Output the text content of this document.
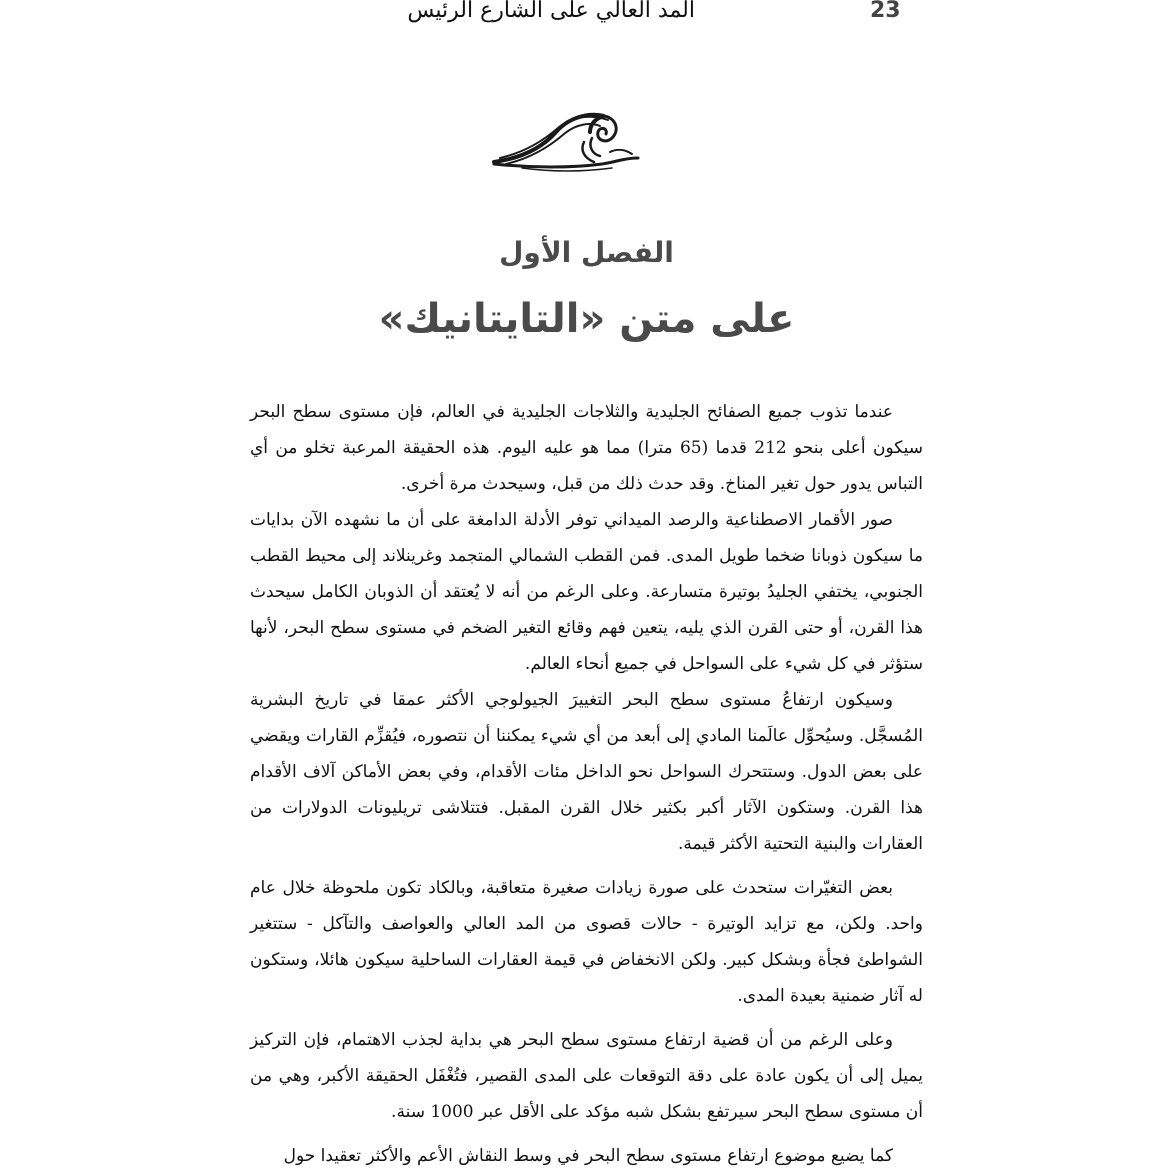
23
المد العالي على الشارع الرئيس
الفصل الأول
على متن «التايتانيك»

عندما تذوب جميع الصفائح الجليدية والثلاجات الجليدية في العالم، فإن مستوى سطح البحر سيكون أعلى بنحو 212 قدما (65 مترا) مما هو عليه اليوم. هذه الحقيقة المرعبة تخلو من أي التباس يدور حول تغير المناخ. وقد حدث ذلك من قبل، وسيحدث مرة أخرى.

صور الأقمار الاصطناعية والرصد الميداني توفر الأدلة الدامغة على أن ما نشهده الآن بدايات ما سيكون ذوبانا ضخما طويل المدى. فمن القطب الشمالي المتجمد وغرينلاند إلى محيط القطب الجنوبي، يختفي الجليدُ بوتيرة متسارعة. وعلى الرغم من أنه لا يُعتقد أن الذوبان الكامل سيحدث هذا القرن، أو حتى القرن الذي يليه، يتعين فهم وقائع التغير الضخم في مستوى سطح البحر، لأنها ستؤثر في كل شيء على السواحل في جميع أنحاء العالم.

وسيكون ارتفاعُ مستوى سطح البحر التغييرَ الجيولوجي الأكثر عمقا في تاريخ البشرية المُسجَّل. وسيُحوِّل عالَمنا المادي إلى أبعد من أي شيء يمكننا أن نتصوره، فيُقزِّم القارات ويقضي على بعض الدول. وستتحرك السواحل نحو الداخل مئات الأقدام، وفي بعض الأماكن آلاف الأقدام هذا القرن. وستكون الآثار أكبر بكثير خلال القرن المقبل. فتتلاشى تريليونات الدولارات من العقارات والبنية التحتية الأكثر قيمة.

بعض التغيّرات ستحدث على صورة زيادات صغيرة متعاقبة، وبالكاد تكون ملحوظة خلال عام واحد. ولكن، مع تزايد الوتيرة - حالات قصوى من المد العالي والعواصف والتآكل - ستتغير الشواطئ فجأة وبشكل كبير. ولكن الانخفاض في قيمة العقارات الساحلية سيكون هائلا، وستكون له آثار ضمنية بعيدة المدى.

وعلى الرغم من أن قضية ارتفاع مستوى سطح البحر هي بداية لجذب الاهتمام، فإن التركيز يميل إلى أن يكون عادة على دقة التوقعات على المدى القصير، فتُغْفَل الحقيقة الأكبر، وهي من أن مستوى سطح البحر سيرتفع بشكل شبه مؤكد على الأقل عبر 1000 سنة.

كما يضيع موضوع ارتفاع مستوى سطح البحر في وسط النقاش الأعم والأكثر تعقيدا حول
